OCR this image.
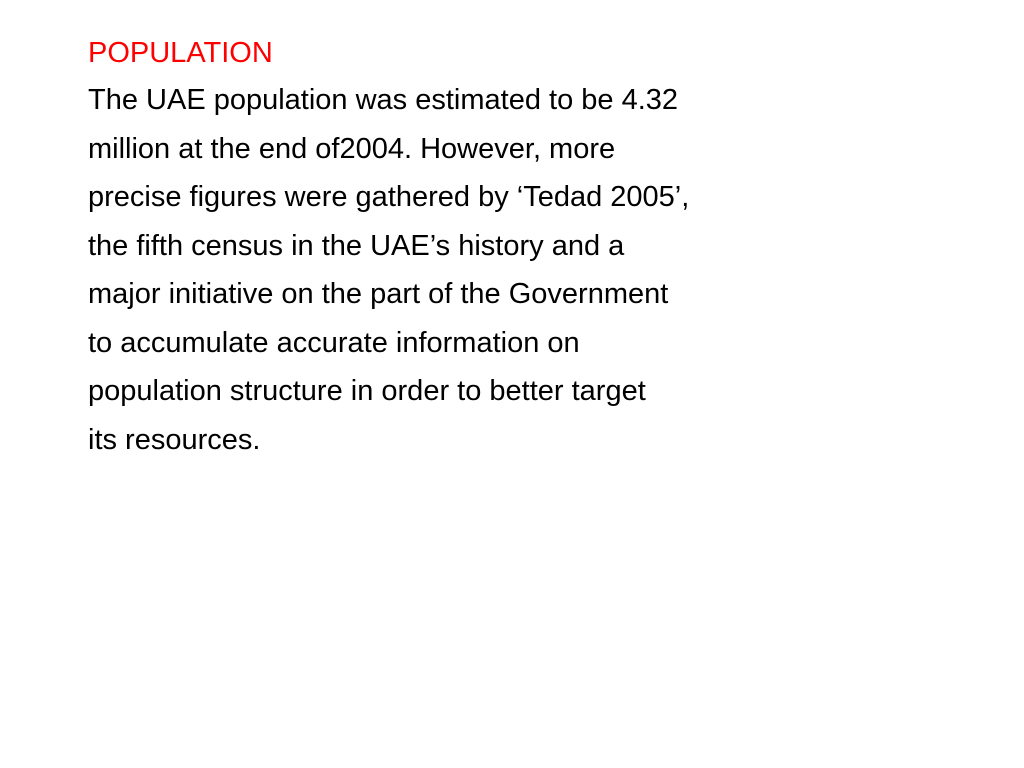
POPULATION
The UAE population was estimated to be 4.32
million at the end of2004. However, more
precise figures were gathered by ‘Tedad 2005’,
the fifth census in the UAE’s history and a
major initiative on the part of the Government
to accumulate accurate information on
population structure in order to better target
its resources.
